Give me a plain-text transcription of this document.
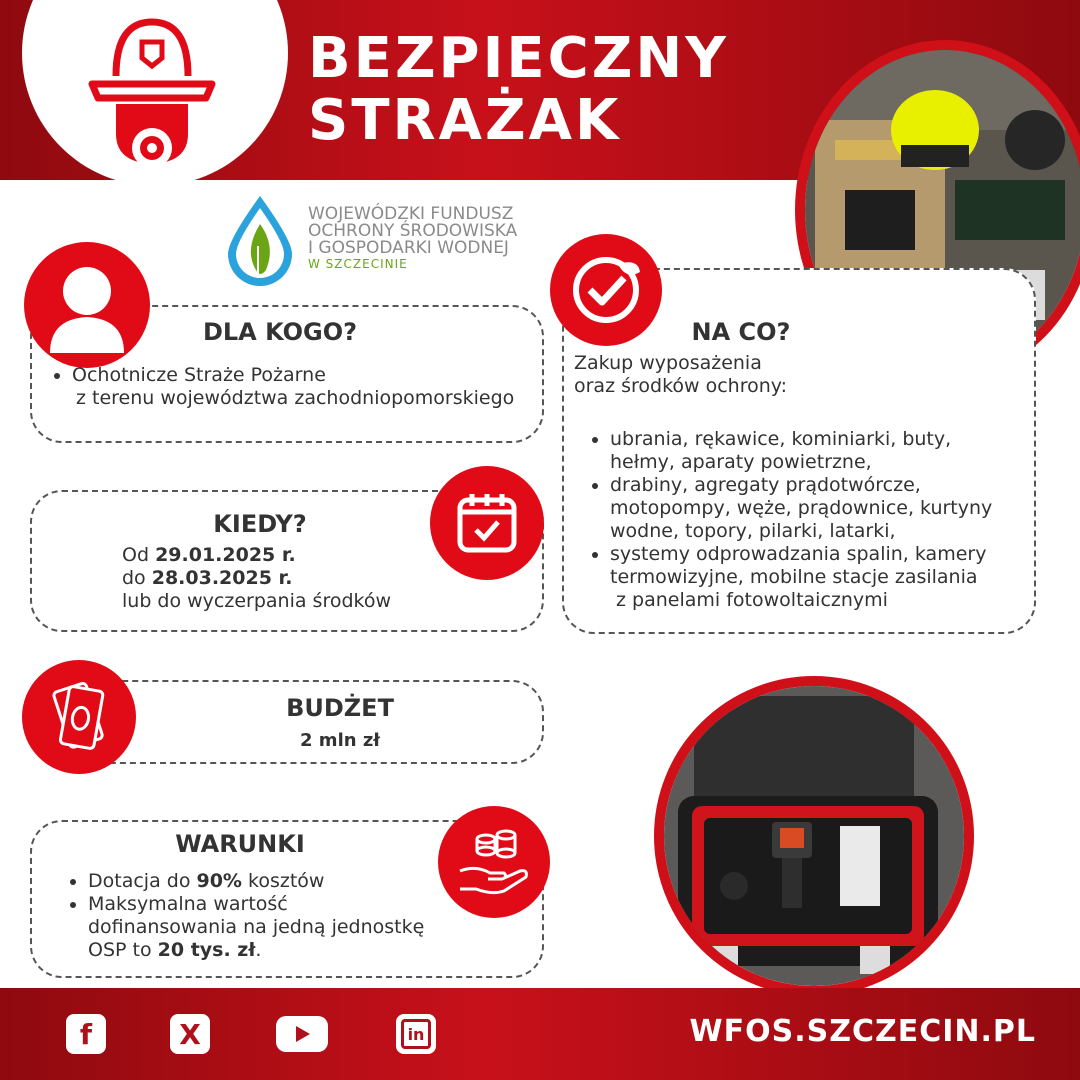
BEZPIECZNY
STRAŻAK
WOJEWÓDZKI FUNDUSZ
OCHRONY ŚRODOWISKA
I GOSPODARKI WODNEJ
W SZCZECINIE
DLA KOGO?
• Ochotnicze Straże Pożarne
z terenu województwa zachodniopomorskiego
KIEDY?
Od 29.01.2025 r.
do 28.03.2025 r.
lub do wyczerpania środków
BUDŻET
2 mln zł
WARUNKI
• Dotacja do 90% kosztów
• Maksymalna wartość
dofinansowania na jedną jednostkę
OSP to 20 tys. zł.
NA CO?
Zakup wyposażenia
oraz środków ochrony:
• ubrania, rękawice, kominiarki, buty,
hełmy, aparaty powietrzne,
• drabiny, agregaty prądotwórcze,
motopompy, węże, prądownice, kurtyny
wodne, topory, pilarki, latarki,
• systemy odprowadzania spalin, kamery
termowizyjne, mobilne stacje zasilania
z panelami fotowoltaicznymi
f	X	in	WFOS.SZCZECIN.PL
